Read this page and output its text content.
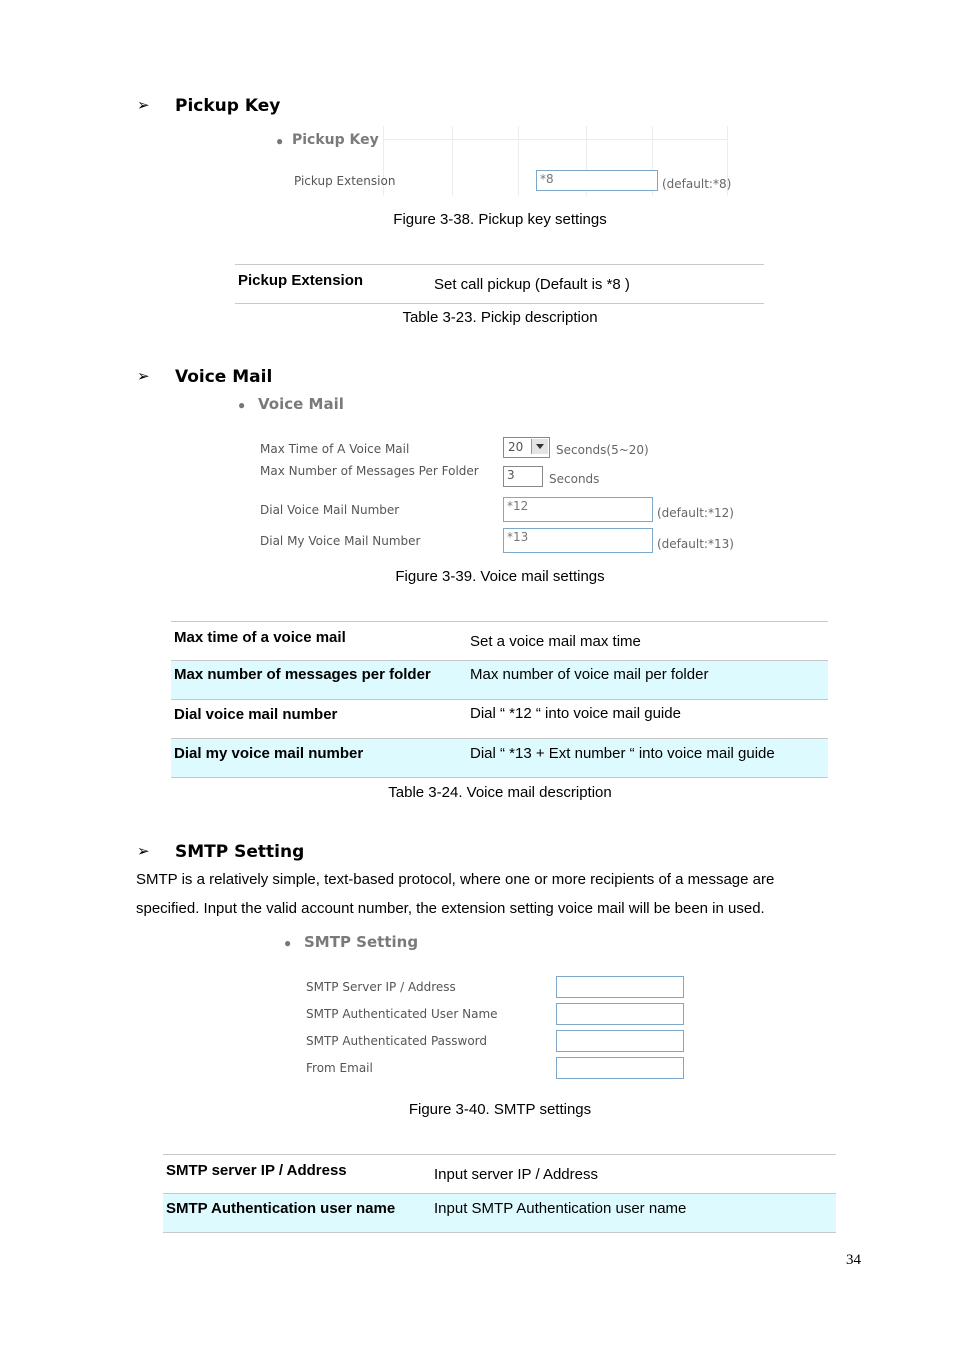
➢ Pickup Key
● Pickup Key
Pickup Extension	*8	(default:*8)
Figure 3-38. Pickup key settings
Pickup Extension	Set call pickup (Default is *8 )
Table 3-23. Pickip description
➢ Voice Mail
● Voice Mail
Max Time of A Voice Mail	20	Seconds(5~20)
Max Number of Messages Per Folder	3	Seconds
Dial Voice Mail Number	*12	(default:*12)
Dial My Voice Mail Number	*13	(default:*13)
Figure 3-39. Voice mail settings
Max time of a voice mail	Set a voice mail max time
Max number of messages per folder	Max number of voice mail per folder
Dial voice mail number	Dial “ *12 “ into voice mail guide
Dial my voice mail number	Dial “ *13 + Ext number “ into voice mail guide
Table 3-24. Voice mail description
➢ SMTP Setting
SMTP is a relatively simple, text-based protocol, where one or more recipients of a message are specified. Input the valid account number, the extension setting voice mail will be been in used.
● SMTP Setting
SMTP Server IP / Address
SMTP Authenticated User Name
SMTP Authenticated Password
From Email
Figure 3-40. SMTP settings
SMTP server IP / Address	Input server IP / Address
SMTP Authentication user name	Input SMTP Authentication user name
34
